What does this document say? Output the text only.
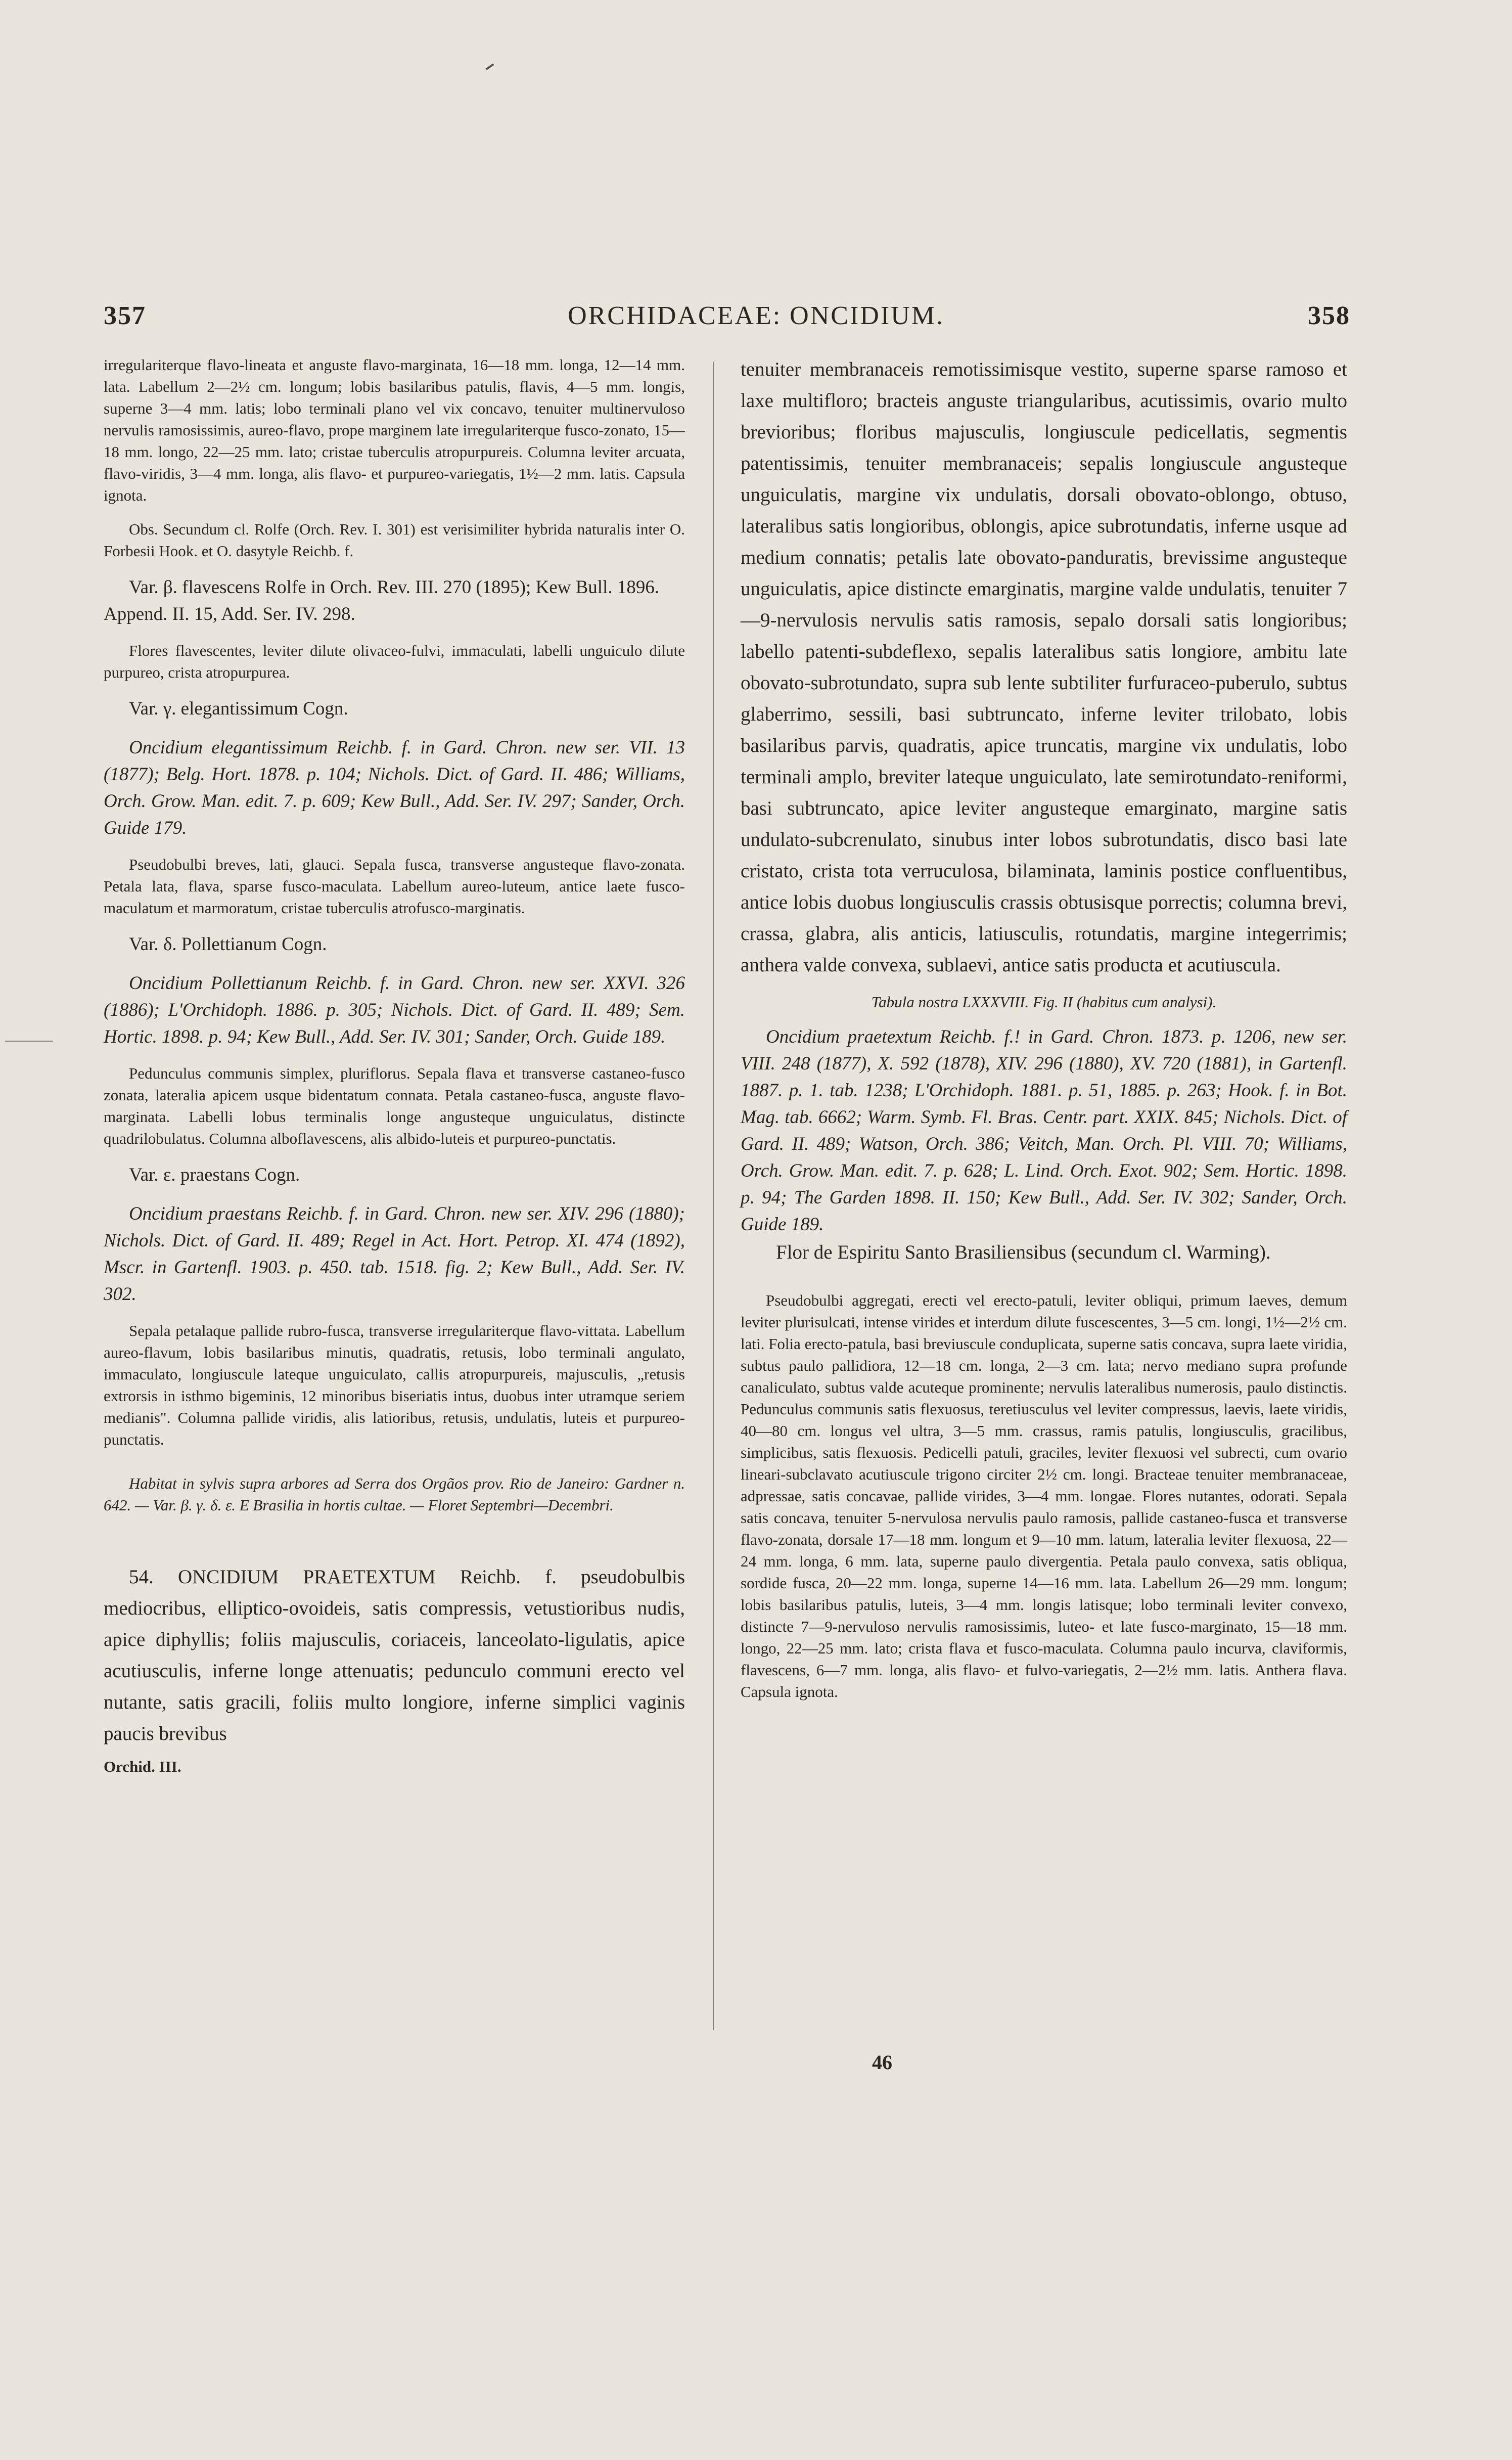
357	ORCHIDACEAE: ONCIDIUM.	358

irregulariterque flavo-lineata et anguste flavo-marginata, 16—18 mm. longa, 12—14 mm. lata. Labellum 2—2½ cm. longum; lobis basilaribus patulis, flavis, 4—5 mm. longis, superne 3—4 mm. latis; lobo terminali plano vel vix concavo, tenuiter multinervuloso nervulis ramosissimis, aureo-flavo, prope marginem late irregulariterque fusco-zonato, 15—18 mm. longo, 22—25 mm. lato; cristae tuberculis atropurpureis. Columna leviter arcuata, flavo-viridis, 3—4 mm. longa, alis flavo- et purpureo-variegatis, 1½—2 mm. latis. Capsula ignota.

Obs. Secundum cl. Rolfe (Orch. Rev. I. 301) est verisimiliter hybrida naturalis inter O. Forbesii Hook. et O. dasytyle Reichb. f.

Var. β. flavescens Rolfe in Orch. Rev. III. 270 (1895); Kew Bull. 1896. Append. II. 15, Add. Ser. IV. 298.

Flores flavescentes, leviter dilute olivaceo-fulvi, immaculati, labelli unguiculo dilute purpureo, crista atropurpurea.

Var. γ. elegantissimum Cogn.

Oncidium elegantissimum Reichb. f. in Gard. Chron. new ser. VII. 13 (1877); Belg. Hort. 1878. p. 104; Nichols. Dict. of Gard. II. 486; Williams, Orch. Grow. Man. edit. 7. p. 609; Kew Bull., Add. Ser. IV. 297; Sander, Orch. Guide 179.

Pseudobulbi breves, lati, glauci. Sepala fusca, transverse angusteque flavo-zonata. Petala lata, flava, sparse fusco-maculata. Labellum aureo-luteum, antice laete fusco-maculatum et marmoratum, cristae tuberculis atrofusco-marginatis.

Var. δ. Pollettianum Cogn.

Oncidium Pollettianum Reichb. f. in Gard. Chron. new ser. XXVI. 326 (1886); L'Orchidoph. 1886. p. 305; Nichols. Dict. of Gard. II. 489; Sem. Hortic. 1898. p. 94; Kew Bull., Add. Ser. IV. 301; Sander, Orch. Guide 189.

Pedunculus communis simplex, pluriflorus. Sepala flava et transverse castaneo-fusco zonata, lateralia apicem usque bidentatum connata. Petala castaneo-fusca, anguste flavo-marginata. Labelli lobus terminalis longe angusteque unguiculatus, distincte quadrilobulatus. Columna alboflavescens, alis albido-luteis et purpureo-punctatis.

Var. ε. praestans Cogn.

Oncidium praestans Reichb. f. in Gard. Chron. new ser. XIV. 296 (1880); Nichols. Dict. of Gard. II. 489; Regel in Act. Hort. Petrop. XI. 474 (1892), Mscr. in Gartenfl. 1903. p. 450. tab. 1518. fig. 2; Kew Bull., Add. Ser. IV. 302.

Sepala petalaque pallide rubro-fusca, transverse irregulariterque flavo-vittata. Labellum aureo-flavum, lobis basilaribus minutis, quadratis, retusis, lobo terminali angulato, immaculato, longiuscule lateque unguiculato, callis atropurpureis, majusculis, „retusis extrorsis in isthmo bigeminis, 12 minoribus biseriatis intus, duobus inter utramque seriem medianis". Columna pallide viridis, alis latioribus, retusis, undulatis, luteis et purpureo-punctatis.

Habitat in sylvis supra arbores ad Serra dos Orgãos prov. Rio de Janeiro: Gardner n. 642. — Var. β. γ. δ. ε. E Brasilia in hortis cultae. — Floret Septembri—Decembri.

54. ONCIDIUM PRAETEXTUM Reichb. f. pseudobulbis mediocribus, elliptico-ovoideis, satis compressis, vetustioribus nudis, apice diphyllis; foliis majusculis, coriaceis, lanceolato-ligulatis, apice acutiusculis, inferne longe attenuatis; pedunculo communi erecto vel nutante, satis gracili, foliis multo longiore, inferne simplici vaginis paucis brevibus

Orchid. III.

tenuiter membranaceis remotissimisque vestito, superne sparse ramoso et laxe multifloro; bracteis anguste triangularibus, acutissimis, ovario multo brevioribus; floribus majusculis, longiuscule pedicellatis, segmentis patentissimis, tenuiter membranaceis; sepalis longiuscule angusteque unguiculatis, margine vix undulatis, dorsali obovato-oblongo, obtuso, lateralibus satis longioribus, oblongis, apice subrotundatis, inferne usque ad medium connatis; petalis late obovato-panduratis, brevissime angusteque unguiculatis, apice distincte emarginatis, margine valde undulatis, tenuiter 7—9-nervulosis nervulis satis ramosis, sepalo dorsali satis longioribus; labello patenti-subdeflexo, sepalis lateralibus satis longiore, ambitu late obovato-subrotundato, supra sub lente subtiliter furfuraceo-puberulo, subtus glaberrimo, sessili, basi subtruncato, inferne leviter trilobato, lobis basilaribus parvis, quadratis, apice truncatis, margine vix undulatis, lobo terminali amplo, breviter lateque unguiculato, late semirotundato-reniformi, basi subtruncato, apice leviter angusteque emarginato, margine satis undulato-subcrenulato, sinubus inter lobos subrotundatis, disco basi late cristato, crista tota verruculosa, bilaminata, laminis postice confluentibus, antice lobis duobus longiusculis crassis obtusisque porrectis; columna brevi, crassa, glabra, alis anticis, latiusculis, rotundatis, margine integerrimis; anthera valde convexa, sublaevi, antice satis producta et acutiuscula.

Tabula nostra LXXXVIII. Fig. II (habitus cum analysi).

Oncidium praetextum Reichb. f.! in Gard. Chron. 1873. p. 1206, new ser. VIII. 248 (1877), X. 592 (1878), XIV. 296 (1880), XV. 720 (1881), in Gartenfl. 1887. p. 1. tab. 1238; L'Orchidoph. 1881. p. 51, 1885. p. 263; Hook. f. in Bot. Mag. tab. 6662; Warm. Symb. Fl. Bras. Centr. part. XXIX. 845; Nichols. Dict. of Gard. II. 489; Watson, Orch. 386; Veitch, Man. Orch. Pl. VIII. 70; Williams, Orch. Grow. Man. edit. 7. p. 628; L. Lind. Orch. Exot. 902; Sem. Hortic. 1898. p. 94; The Garden 1898. II. 150; Kew Bull., Add. Ser. IV. 302; Sander, Orch. Guide 189.

Flor de Espiritu Santo Brasiliensibus (secundum cl. Warming).

Pseudobulbi aggregati, erecti vel erecto-patuli, leviter obliqui, primum laeves, demum leviter plurisulcati, intense virides et interdum dilute fuscescentes, 3—5 cm. longi, 1½—2½ cm. lati. Folia erecto-patula, basi breviuscule conduplicata, superne satis concava, supra laete viridia, subtus paulo pallidiora, 12—18 cm. longa, 2—3 cm. lata; nervo mediano supra profunde canaliculato, subtus valde acuteque prominente; nervulis lateralibus numerosis, paulo distinctis. Pedunculus communis satis flexuosus, teretiusculus vel leviter compressus, laevis, laete viridis, 40—80 cm. longus vel ultra, 3—5 mm. crassus, ramis patulis, longiusculis, gracilibus, simplicibus, satis flexuosis. Pedicelli patuli, graciles, leviter flexuosi vel subrecti, cum ovario lineari-subclavato acutiuscule trigono circiter 2½ cm. longi. Bracteae tenuiter membranaceae, adpressae, satis concavae, pallide virides, 3—4 mm. longae. Flores nutantes, odorati. Sepala satis concava, tenuiter 5-nervulosa nervulis paulo ramosis, pallide castaneo-fusca et transverse flavo-zonata, dorsale 17—18 mm. longum et 9—10 mm. latum, lateralia leviter flexuosa, 22—24 mm. longa, 6 mm. lata, superne paulo divergentia. Petala paulo convexa, satis obliqua, sordide fusca, 20—22 mm. longa, superne 14—16 mm. lata. Labellum 26—29 mm. longum; lobis basilaribus patulis, luteis, 3—4 mm. longis latisque; lobo terminali leviter convexo, distincte 7—9-nervuloso nervulis ramosissimis, luteo- et late fusco-marginato, 15—18 mm. longo, 22—25 mm. lato; crista flava et fusco-maculata. Columna paulo incurva, claviformis, flavescens, 6—7 mm. longa, alis flavo- et fulvo-variegatis, 2—2½ mm. latis. Anthera flava. Capsula ignota.

46
